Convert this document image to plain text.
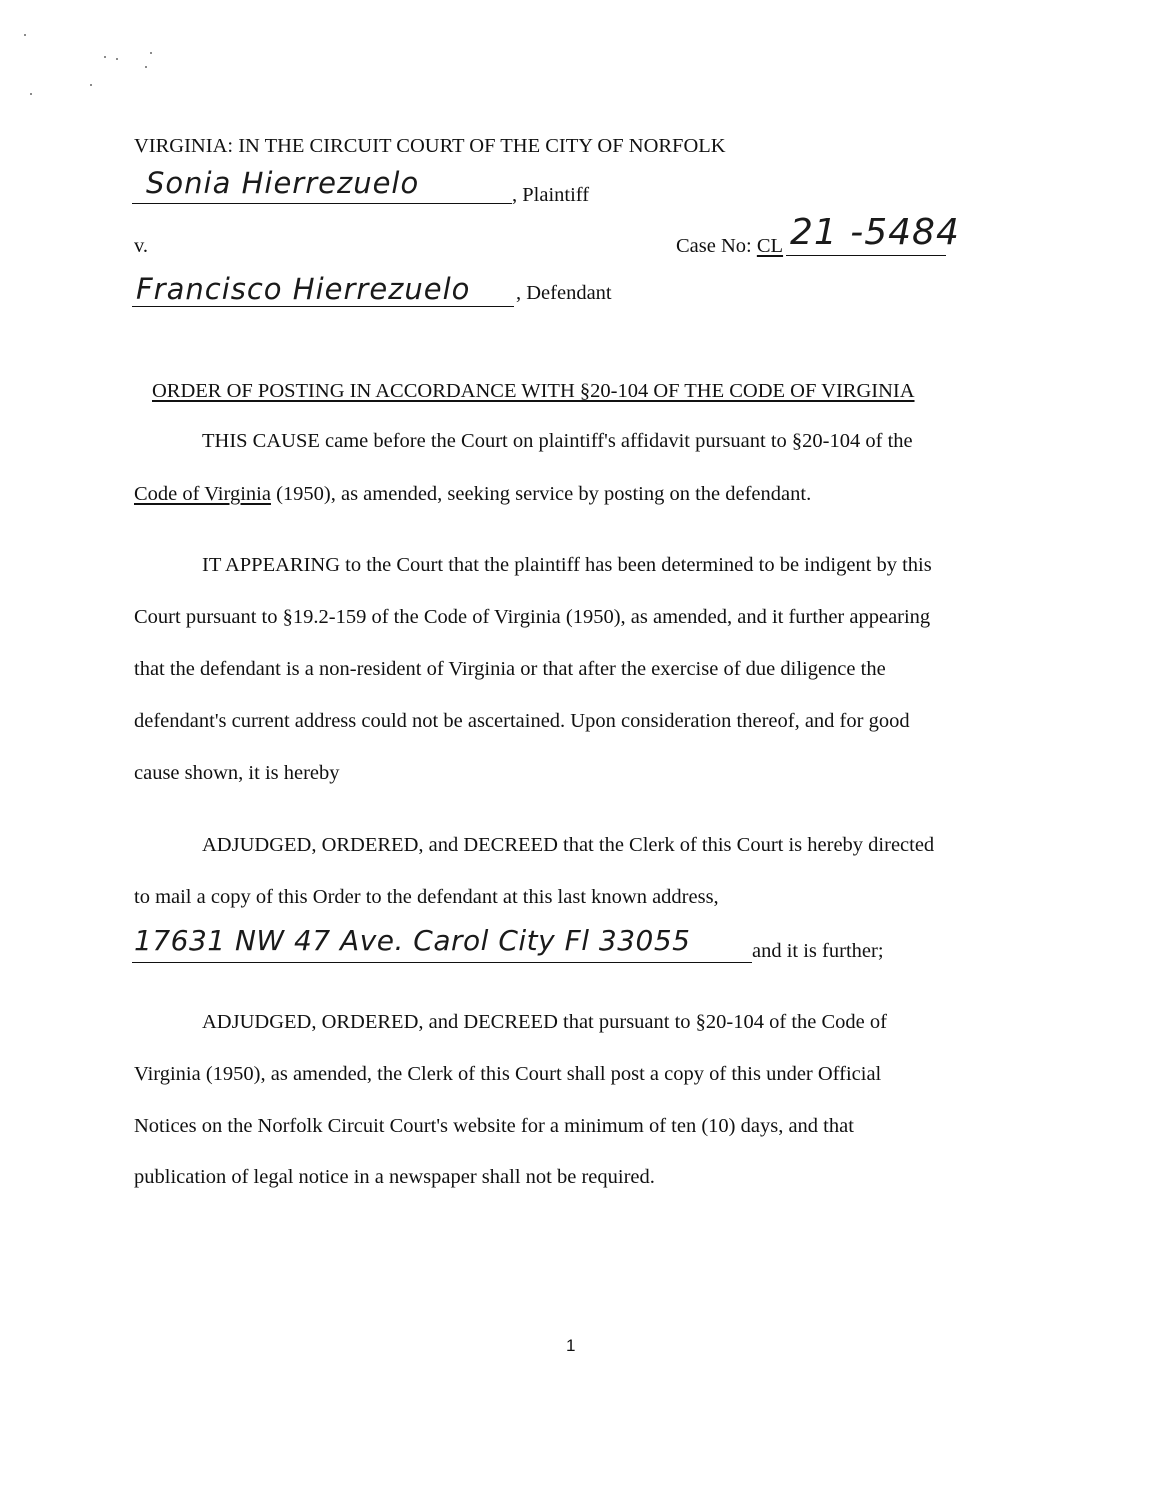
VIRGINIA: IN THE CIRCUIT COURT OF THE CITY OF NORFOLK
Sonia Hierrezuelo	, Plaintiff
v.	Case No: CL 21 -5484
Francisco Hierrezuelo , Defendant
ORDER OF POSTING IN ACCORDANCE WITH §20-104 OF THE CODE OF VIRGINIA
THIS CAUSE came before the Court on plaintiff's affidavit pursuant to §20-104 of the
Code of Virginia (1950), as amended, seeking service by posting on the defendant.
IT APPEARING to the Court that the plaintiff has been determined to be indigent by this
Court pursuant to §19.2-159 of the Code of Virginia (1950), as amended, and it further appearing
that the defendant is a non-resident of Virginia or that after the exercise of due diligence the
defendant's current address could not be ascertained. Upon consideration thereof, and for good
cause shown, it is hereby
ADJUDGED, ORDERED, and DECREED that the Clerk of this Court is hereby directed
to mail a copy of this Order to the defendant at this last known address,
17631 NW 47 Ave. Carol City Fl 33055	and it is further;
ADJUDGED, ORDERED, and DECREED that pursuant to §20-104 of the Code of
Virginia (1950), as amended, the Clerk of this Court shall post a copy of this under Official
Notices on the Norfolk Circuit Court's website for a minimum of ten (10) days, and that
publication of legal notice in a newspaper shall not be required.
1
